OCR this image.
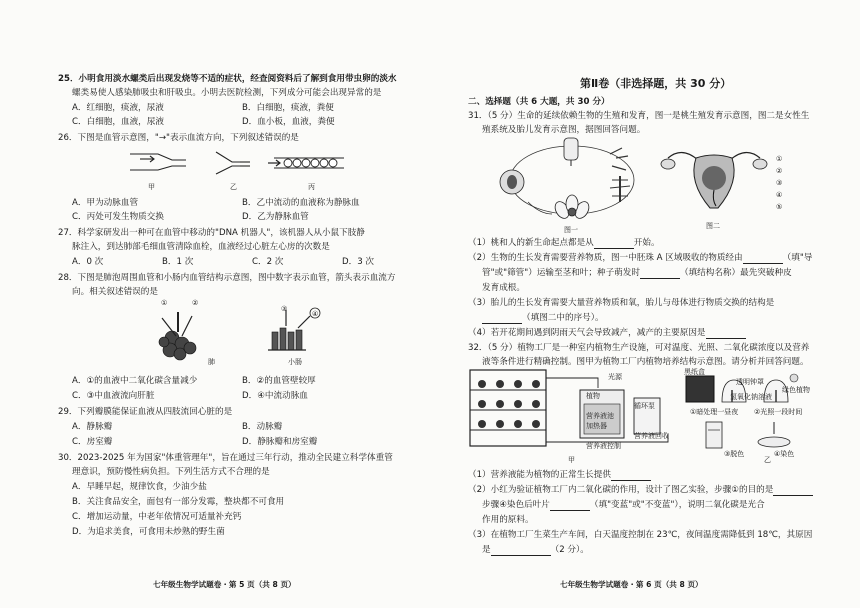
25．小明食用淡水螺类后出现发烧等不适的症状，经查阅资料后了解到食用带虫卵的淡水
螺类易使人感染肺吸虫和肝吸虫。小明去医院检测，下列成分可能会出现异常的是
A．红细胞，痰液，尿液	B．白细胞，痰液，粪便
C．白细胞，血液，尿液	D．血小板，血液，粪便
26．下图是血管示意图，"→"表示血流方向，下列叙述错误的是
甲	乙	丙
A．甲为动脉血管	B．乙中流动的血液称为静脉血
C．丙处可发生物质交换	D．乙为静脉血管
27．科学家研发出一种可在血管中移动的"DNA 机器人"，该机器人从小鼠下肢静
脉注入，到达肺部毛细血管清除血栓，血液经过心脏左心房的次数是
A．0 次	B．1 次	C．2 次	D．3 次
28．下图是肺泡周围血管和小肠内血管结构示意图，图中数字表示血管，箭头表示血流方
向。相关叙述错误的是
①	②
③
④
肺	小肠
A．①的血液中二氧化碳含量减少	B．②的血管壁较厚
C．③中血液流向肝脏	D．④中流动脉血
29．下列瓣膜能保证血液从四肢流回心脏的是
A．静脉瓣	B．动脉瓣
C．房室瓣	D．静脉瓣和房室瓣
30．2023-2025 年为国家"体重管理年"，旨在通过三年行动，推动全民建立科学体重管
理意识，预防慢性病负担。下列生活方式不合理的是
A．早睡早起，规律饮食，少油少盐
B．关注食品安全，面包有一部分发霉，整块都不可食用
C．增加运动量，中老年依情况可适量补充钙
D．为追求美食，可食用未炒熟的野生菌
七年级生物学试题卷・第 5 页（共 8 页）
第Ⅱ卷（非选择题，共 30 分）
二、选择题（共 6 大题，共 30 分）
31．（5 分）生命的延续依赖生物的生殖和发育，图一是桃生殖发育示意图，图二是女性生
殖系统及胎儿发育示意图，据图回答问题。
图一
①
②
③
④
⑤
图二
（1）桃和人的新生命起点都是从	开始。
（2）生物的生长发育需要营养物质，图一中胚珠 A 区域吸收的物质经由	（填"导
管"或"筛管"）运输至茎和叶；种子萌发时	（填结构名称）最先突破种皮
发育成根。
（3）胎儿的生长发育需要大量营养物质和氧，胎儿与母体进行物质交换的结构是
（填图二中的序号）。
（4）若开花期间遇到阴雨天气会导致减产，减产的主要原因是
32．（5 分）植物工厂是一种室内植物生产设施，可对温度、光照、二氧化碳浓度以及营养
液等条件进行精确控制。图甲为植物工厂内植物培养结构示意图。请分析并回答问题。
光源
植物
循环泵
营养液池
营养液回收
加热器
营养液控制
甲
黑纸盒
透明钟罩
氢氧化钠溶液
绿色植物
①暗处理一昼夜 ②光照一段时间
③脱色	④染色
乙
（1）营养液能为植物的正常生长提供
（2）小红为验证植物工厂内二氧化碳的作用，设计了图乙实验，步骤①的目的是
步骤④染色后叶片	（填"变蓝"或"不变蓝"），说明二氧化碳是光合
作用的原料。
（3）在植物工厂生菜生产车间，白天温度控制在 23℃，夜间温度需降低到 18℃，其原因
是	（2 分）。
七年级生物学试题卷・第 6 页（共 8 页）
